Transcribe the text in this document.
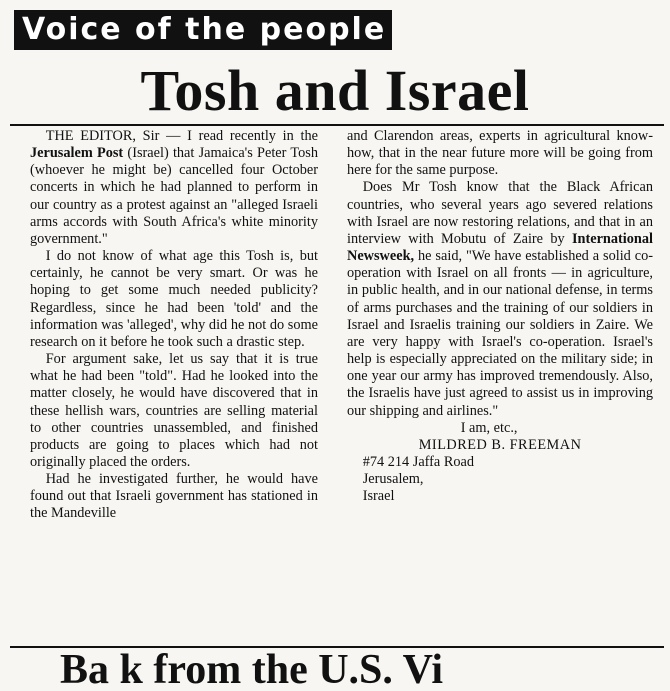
Voice of the people
Tosh and Israel

THE EDITOR, Sir — I read recently in the Jerusalem Post (Israel) that Jamaica's Peter Tosh (whoever he might be) cancelled four October concerts in which he had planned to perform in our country as a protest against an "alleged Israeli arms accords with South Africa's white minority government."

I do not know of what age this Tosh is, but certainly, he cannot be very smart. Or was he hoping to get some much needed publicity? Regardless, since he had been 'told' and the information was 'alleged', why did he not do some research on it before he took such a drastic step.

For argument sake, let us say that it is true what he had been "told". Had he looked into the matter closely, he would have discovered that in these hellish wars, countries are selling material to other countries unassembled, and finished products are going to places which had not originally placed the orders.

Had he investigated further, he would have found out that Israeli government has stationed in the Mandeville

and Clarendon areas, experts in agricultural know-how, that in the near future more will be going from here for the same purpose.

Does Mr Tosh know that the Black African countries, who several years ago severed relations with Israel are now restoring relations, and that in an interview with Mobutu of Zaire by International Newsweek, he said, "We have established a solid co-operation with Israel on all fronts — in agriculture, in public health, and in our national defense, in terms of arms purchases and the training of our soldiers in Israel and Israelis training our soldiers in Zaire. We are very happy with Israel's co-operation. Israel's help is especially appreciated on the military side; in one year our army has improved tremendously. Also, the Israelis have just agreed to assist us in improving our shipping and airlines."

I am, etc.,

MILDRED B. FREEMAN

#74 214 Jaffa Road

Jerusalem,

Israel

Ba k from the U.S. Vi
